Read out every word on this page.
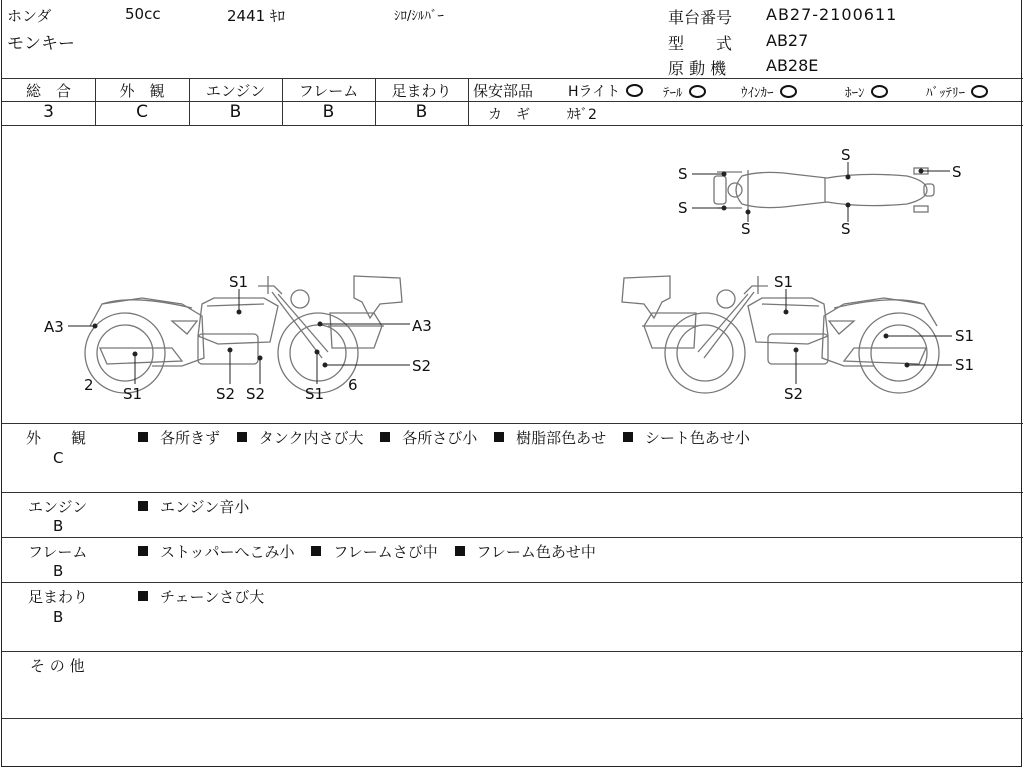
ホンダ	50cc	2441 ｷﾛ	ｼﾛ/ｼﾙﾊﾞｰ
モンキー
車台番号 AB27-2100611
型　　式 AB27
原 動 機 AB28E
総　合	外　観	エンジン	フレーム	足まわり
3	C	B	B	B
保安部品 Hライト	ﾃｰﾙ	ｳｲﾝｶｰ	ﾎｰﾝ	ﾊﾞｯﾃﾘｰ
カ　ギ	ｶｷﾞ2
S
S
S
S
S	S
S1
A3	A3
S2
2 S1	S2 S2	S1 6
S1
S1
S1
S2
外　　観
C
各所きず	タンク内さび大	各所さび小	樹脂部色あせ	シート色あせ小
エンジン
B
エンジン音小
フレーム
B
ストッパーへこみ小	フレームさび中	フレーム色あせ中
足まわり
B
チェーンさび大
そ の 他
